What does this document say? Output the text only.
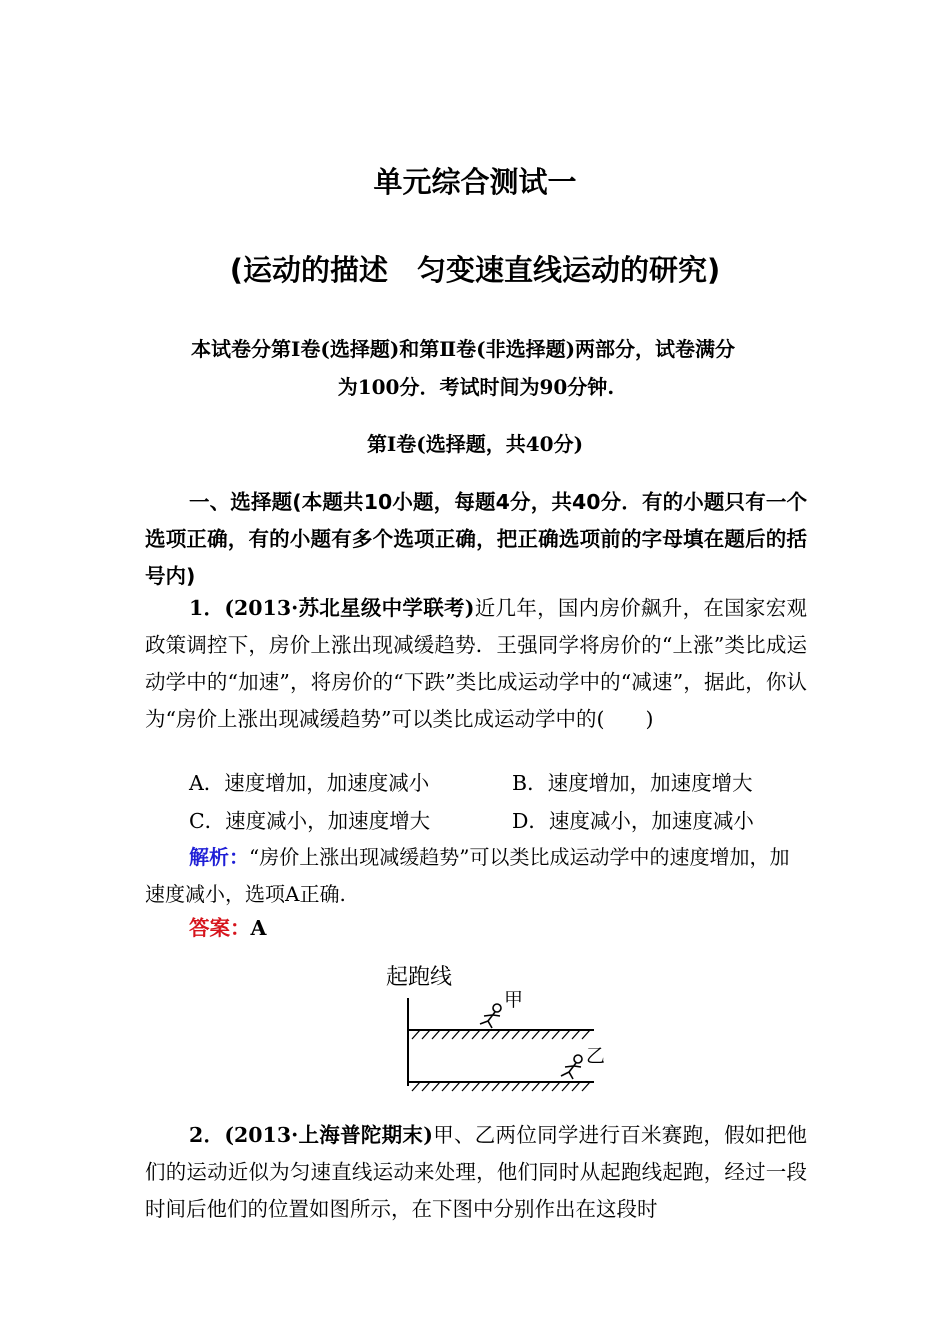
单元综合测试一
(运动的描述　匀变速直线运动的研究)
本试卷分第Ⅰ卷(选择题)和第Ⅱ卷(非选择题)两部分，试卷满分
为100分．考试时间为90分钟.
第Ⅰ卷(选择题，共40分)
一、选择题(本题共10小题，每题4分，共40分．有的小题只有一个选项正确，有的小题有多个选项正确，把正确选项前的字母填在题后的括号内)
1．(2013·苏北星级中学联考)近几年，国内房价飙升，在国家宏观政策调控下，房价上涨出现减缓趋势．王强同学将房价的“上涨”类比成运动学中的“加速”，将房价的“下跌”类比成运动学中的“减速”，据此，你认为“房价上涨出现减缓趋势”可以类比成运动学中的(　　)
A．速度增加，加速度减小	B．速度增加，加速度增大
C．速度减小，加速度增大	D．速度减小，加速度减小
解析：“房价上涨出现减缓趋势”可以类比成运动学中的速度增加，加速度减小，选项A正确.
答案：A
起跑线
甲
乙
2．(2013·上海普陀期末)甲、乙两位同学进行百米赛跑，假如把他们的运动近似为匀速直线运动来处理，他们同时从起跑线起跑，经过一段时间后他们的位置如图所示，在下图中分别作出在这段时
